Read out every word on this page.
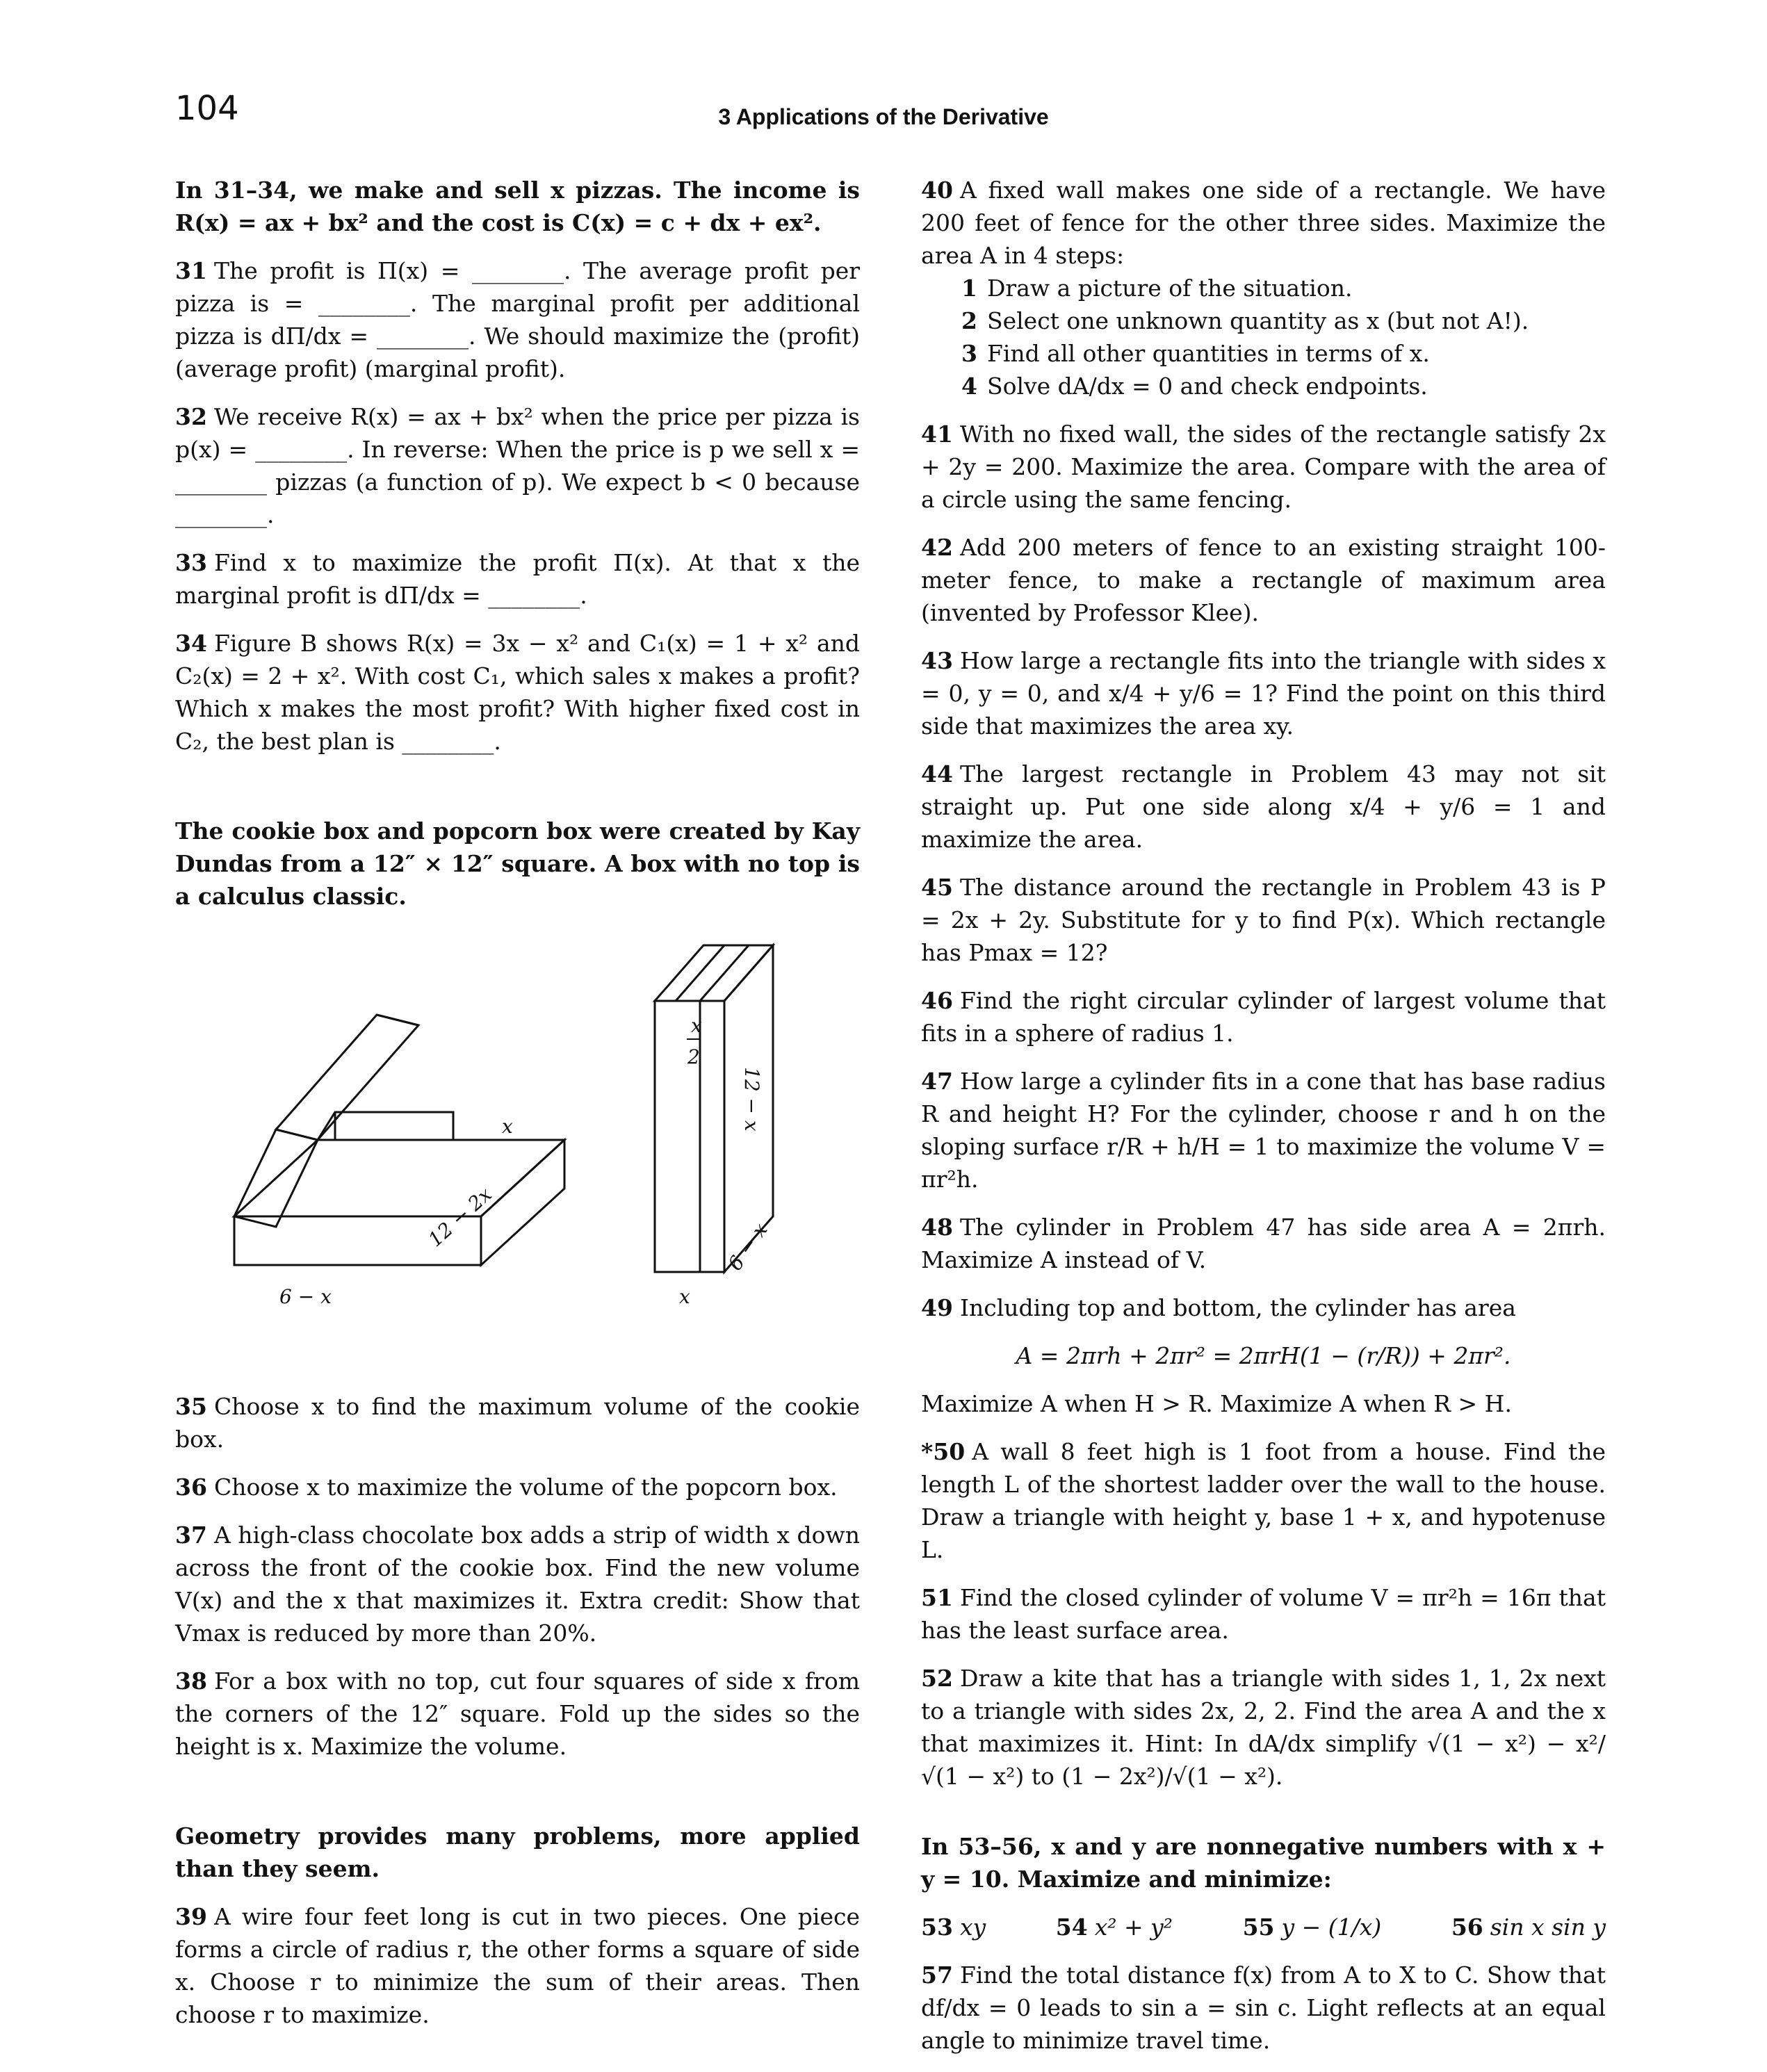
104	3 Applications of the Derivative

In 31–34, we make and sell x pizzas. The income is R(x) = ax + bx² and the cost is C(x) = c + dx + ex².

31 The profit is Π(x) = ________. The average profit per pizza is = ________. The marginal profit per additional pizza is dΠ/dx = ________. We should maximize the (profit) (average profit) (marginal profit).

32 We receive R(x) = ax + bx² when the price per pizza is p(x) = ________. In reverse: When the price is p we sell x = ________ pizzas (a function of p). We expect b < 0 because ________.

33 Find x to maximize the profit Π(x). At that x the marginal profit is dΠ/dx = ________.

34 Figure B shows R(x) = 3x − x² and C₁(x) = 1 + x² and C₂(x) = 2 + x². With cost C₁, which sales x makes a profit? Which x makes the most profit? With higher fixed cost in C₂, the best plan is ________.

The cookie box and popcorn box were created by Kay Dundas from a 12″ × 12″ square. A box with no top is a calculus classic.

35 Choose x to find the maximum volume of the cookie box.

36 Choose x to maximize the volume of the popcorn box.

37 A high-class chocolate box adds a strip of width x down across the front of the cookie box. Find the new volume V(x) and the x that maximizes it. Extra credit: Show that Vmax is reduced by more than 20%.

38 For a box with no top, cut four squares of side x from the corners of the 12″ square. Fold up the sides so the height is x. Maximize the volume.

Geometry provides many problems, more applied than they seem.

39 A wire four feet long is cut in two pieces. One piece forms a circle of radius r, the other forms a square of side x. Choose r to minimize the sum of their areas. Then choose r to maximize.

x
12 − 2x
6 − x
x
2
12 − x
6 − x
x

40 A fixed wall makes one side of a rectangle. We have 200 feet of fence for the other three sides. Maximize the area A in 4 steps:

1 Draw a picture of the situation.
2 Select one unknown quantity as x (but not A!).
3 Find all other quantities in terms of x.
4 Solve dA/dx = 0 and check endpoints.

41 With no fixed wall, the sides of the rectangle satisfy 2x + 2y = 200. Maximize the area. Compare with the area of a circle using the same fencing.

42 Add 200 meters of fence to an existing straight 100-meter fence, to make a rectangle of maximum area (invented by Professor Klee).

43 How large a rectangle fits into the triangle with sides x = 0, y = 0, and x/4 + y/6 = 1? Find the point on this third side that maximizes the area xy.

44 The largest rectangle in Problem 43 may not sit straight up. Put one side along x/4 + y/6 = 1 and maximize the area.

45 The distance around the rectangle in Problem 43 is P = 2x + 2y. Substitute for y to find P(x). Which rectangle has Pmax = 12?

46 Find the right circular cylinder of largest volume that fits in a sphere of radius 1.

47 How large a cylinder fits in a cone that has base radius R and height H? For the cylinder, choose r and h on the sloping surface r/R + h/H = 1 to maximize the volume V = πr²h.

48 The cylinder in Problem 47 has side area A = 2πrh. Maximize A instead of V.

49 Including top and bottom, the cylinder has area

A = 2πrh + 2πr² = 2πrH(1 − (r/R)) + 2πr².

Maximize A when H > R. Maximize A when R > H.

*50 A wall 8 feet high is 1 foot from a house. Find the length L of the shortest ladder over the wall to the house. Draw a triangle with height y, base 1 + x, and hypotenuse L.

51 Find the closed cylinder of volume V = πr²h = 16π that has the least surface area.

52 Draw a kite that has a triangle with sides 1, 1, 2x next to a triangle with sides 2x, 2, 2. Find the area A and the x that maximizes it. Hint: In dA/dx simplify √(1 − x²) − x²/√(1 − x²) to (1 − 2x²)/√(1 − x²).

In 53–56, x and y are nonnegative numbers with x + y = 10. Maximize and minimize:

53 xy	54 x² + y²	55 y − (1/x)	56 sin x sin y

57 Find the total distance f(x) from A to X to C. Show that df/dx = 0 leads to sin a = sin c. Light reflects at an equal angle to minimize travel time.
